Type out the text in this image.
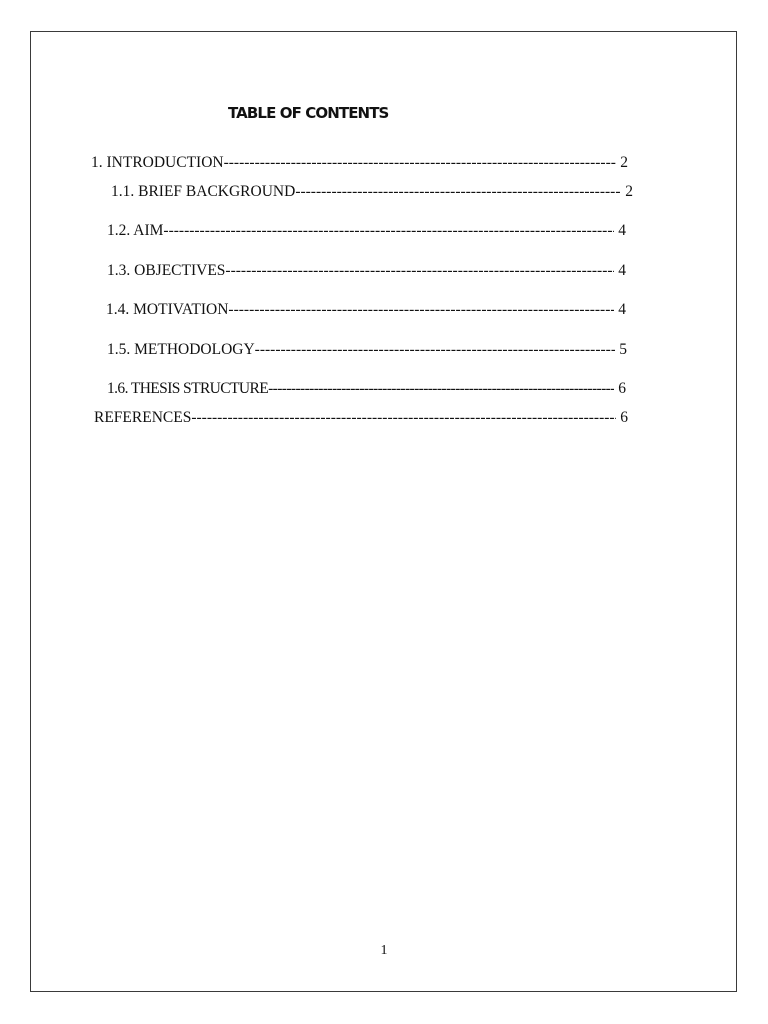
TABLE OF CONTENTS
1. INTRODUCTION -----	2
1.1. BRIEF BACKGROUND -----	2
1.2. AIM -----	4
1.3. OBJECTIVES -----	4
1.4. MOTIVATION -----	4
1.5. METHODOLOGY -----	5
1.6. THESIS STRUCTURE -----	6
REFERENCES -----	6
1
